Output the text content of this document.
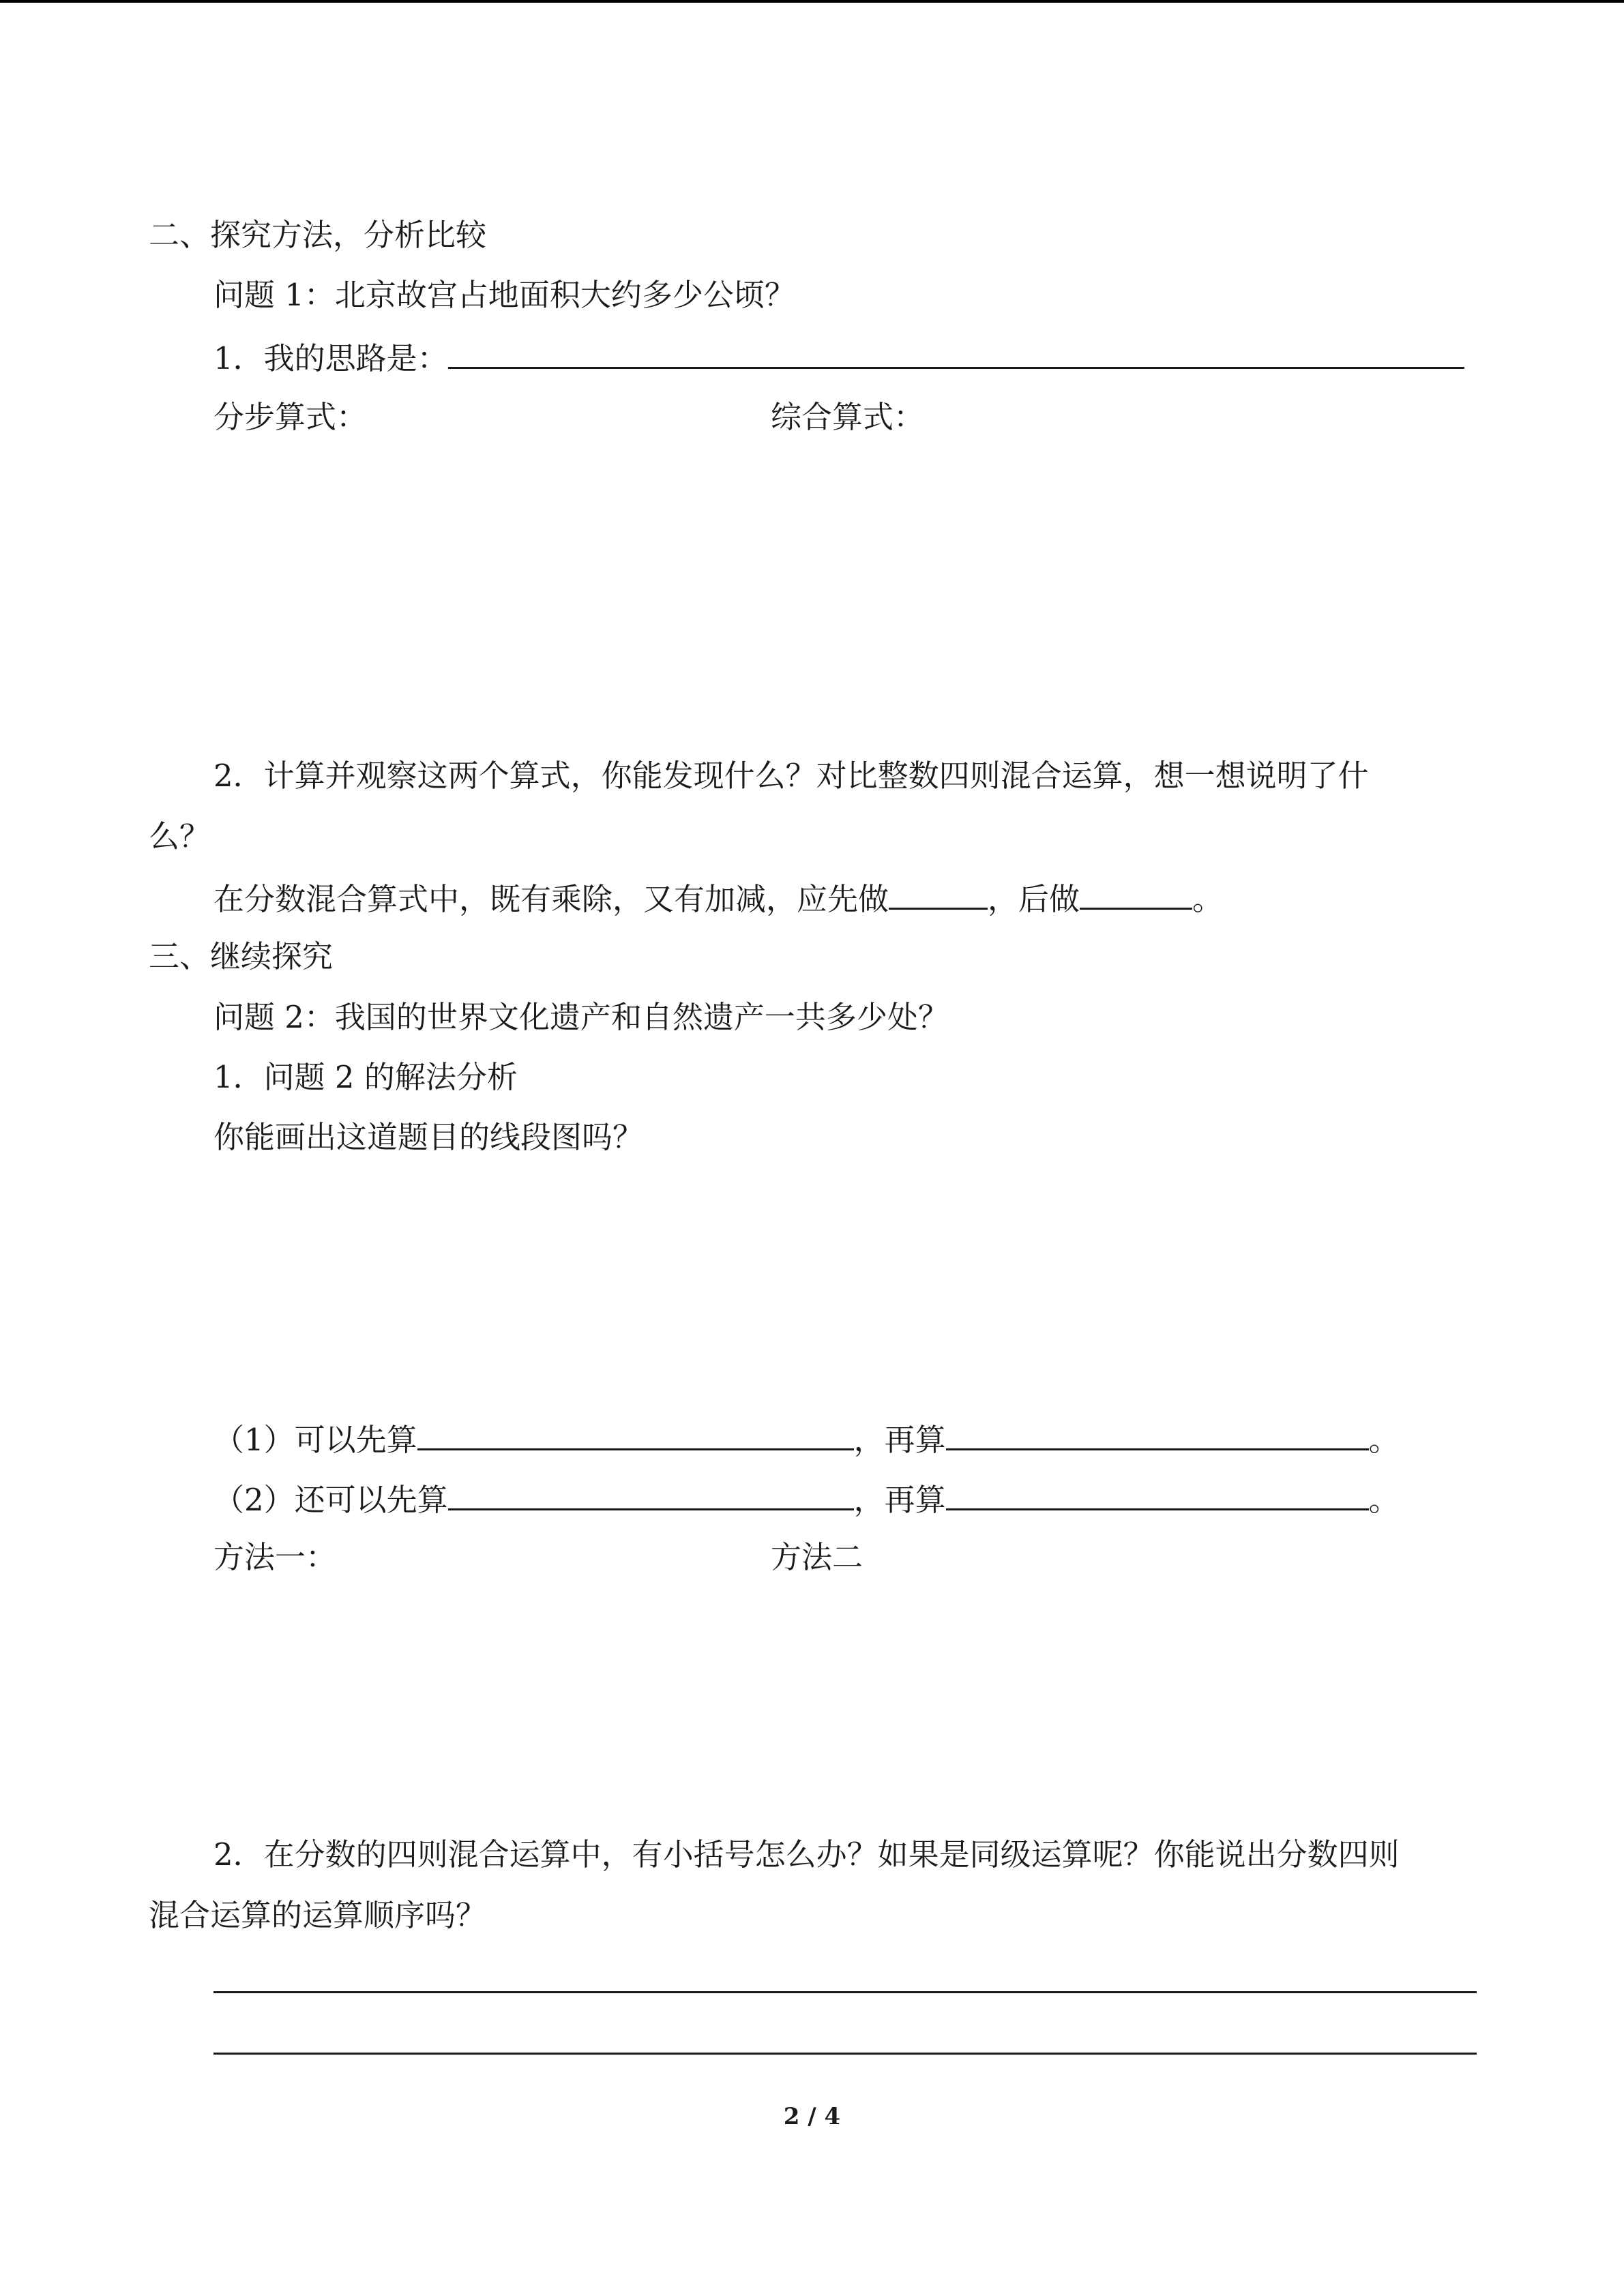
二、探究方法，分析比较
问题 1：北京故宫占地面积大约多少公顷？
1．我的思路是：
分步算式：	综合算式：
2．计算并观察这两个算式，你能发现什么？对比整数四则混合运算，想一想说明了什
么？
在分数混合算式中，既有乘除，又有加减，应先做	，后做	。
三、继续探究
问题 2：我国的世界文化遗产和自然遗产一共多少处？
1．问题 2 的解法分析
你能画出这道题目的线段图吗？
（1）可以先算	，再算	。
（2）还可以先算	，再算	。
方法一：	方法二
2．在分数的四则混合运算中，有小括号怎么办？如果是同级运算呢？你能说出分数四则
混合运算的运算顺序吗？
2 / 4
